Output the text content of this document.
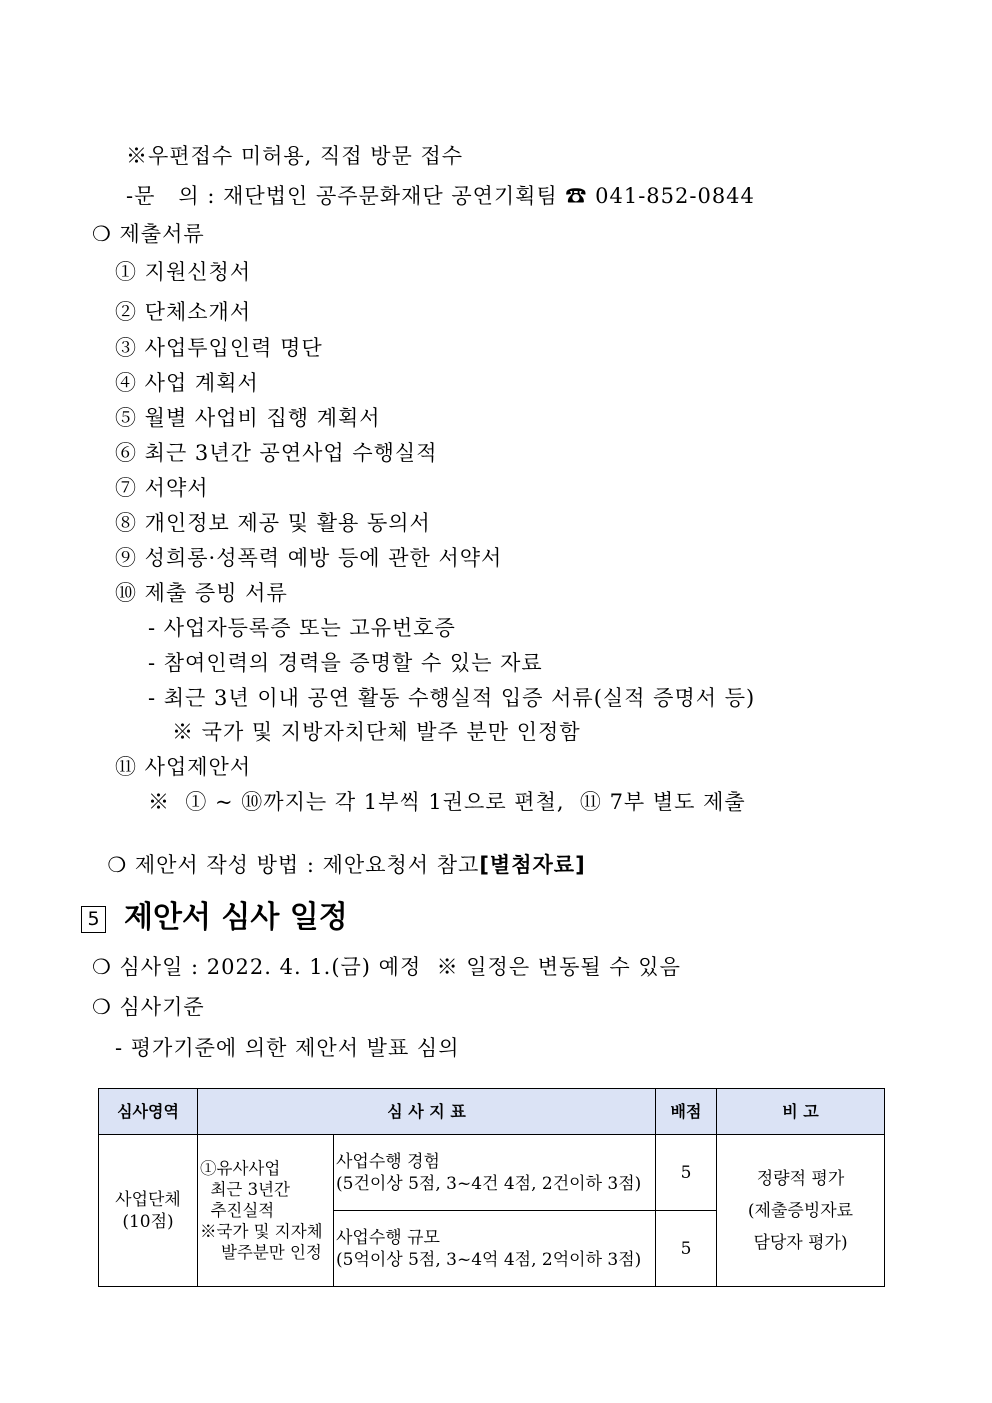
※우편접수 미허용, 직접 방문 접수
-문   의 : 재단법인 공주문화재단 공연기획팀 ☎ 041-852-0844
❍ 제출서류
① 지원신청서
② 단체소개서
③ 사업투입인력 명단
④ 사업 계획서
⑤ 월별 사업비 집행 계획서
⑥ 최근 3년간 공연사업 수행실적
⑦ 서약서
⑧ 개인정보 제공 및 활용 동의서
⑨ 성희롱·성폭력 예방 등에 관한 서약서
⑩ 제출 증빙 서류
- 사업자등록증 또는 고유번호증
- 참여인력의 경력을 증명할 수 있는 자료
- 최근 3년 이내 공연 활동 수행실적 입증 서류(실적 증명서 등)
※ 국가 및 지방자치단체 발주 분만 인정함
⑪ 사업제안서
※  ① ~ ⑩까지는 각 1부씩 1권으로 편철,  ⑪ 7부 별도 제출

❍ 제안서 작성 방법 : 제안요청서 참고[별첨자료]

5 제안서 심사 일정
❍ 심사일 : 2022. 4. 1.(금) 예정  ※ 일정은 변동될 수 있음
❍ 심사기준
- 평가기준에 의한 제안서 발표 심의
심사영역	심 사 지 표		배점	비 고
사업단체
(10점)	①유사사업
최근 3년간
추진실적
※국가 및 지자체
발주분만 인정	사업수행 경험
(5건이상 5점, 3~4건 4점, 2건이하 3점)	5	정량적 평가
(제출증빙자료
담당자 평가)
		사업수행 규모
(5억이상 5점, 3~4억 4점, 2억이하 3점)	5	
